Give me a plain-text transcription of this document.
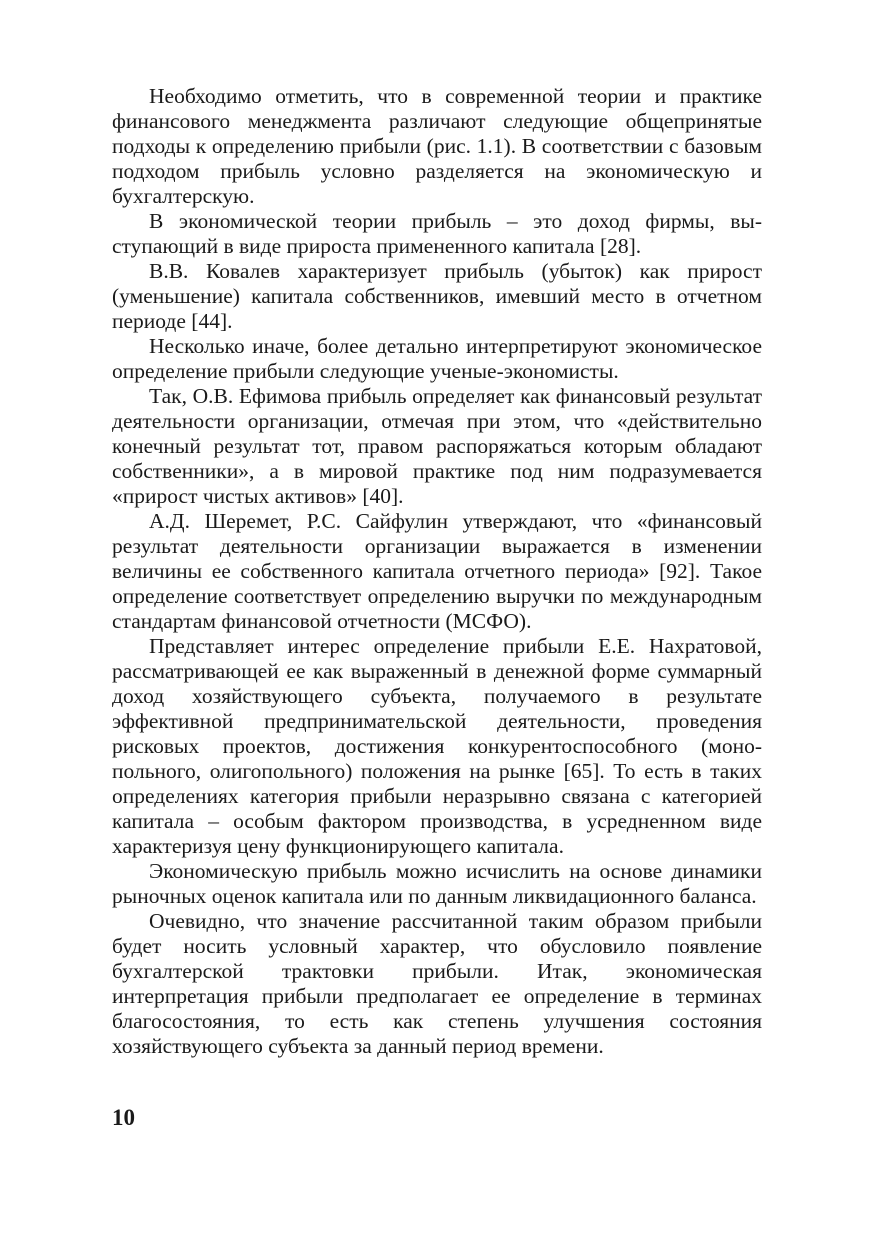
Необходимо отметить, что в современной теории и практике финансового менеджмента различают следующие общепринятые подходы к определению прибыли (рис. 1.1). В соответствии с базовым подходом прибыль условно разделяется на экономическую и бухгалтерскую.

В экономической теории прибыль – это доход фирмы, выступающий в виде прироста примененного капитала [28].

В.В. Ковалев характеризует прибыль (убыток) как прирост (уменьшение) капитала собственников, имевший место в отчетном периоде [44].

Несколько иначе, более детально интерпретируют экономическое определение прибыли следующие ученые-экономисты.

Так, О.В. Ефимова прибыль определяет как финансовый результат деятельности организации, отмечая при этом, что «действительно конечный результат тот, правом распоряжаться которым обладают собственники», а в мировой практике под ним подразумевается «прирост чистых активов» [40].

А.Д. Шеремет, Р.С. Сайфулин утверждают, что «финансовый результат деятельности организации выражается в изменении величины ее собственного капитала отчетного периода» [92]. Такое определение соответствует определению выручки по международным стандартам финансовой отчетности (МСФО).

Представляет интерес определение прибыли Е.Е. Нахратовой, рассматривающей ее как выраженный в денежной форме суммарный доход хозяйствующего субъекта, получаемого в результате эффективной предпринимательской деятельности, проведения рисковых проектов, достижения конкурентоспособного (монопольного, олигопольного) положения на рынке [65]. То есть в таких определениях категория прибыли неразрывно связана с категорией капитала – особым фактором производства, в усредненном виде характеризуя цену функционирующего капитала.

Экономическую прибыль можно исчислить на основе динамики рыночных оценок капитала или по данным ликвидационного баланса.

Очевидно, что значение рассчитанной таким образом прибыли будет носить условный характер, что обусловило появление бухгалтерской трактовки прибыли. Итак, экономическая интерпретация прибыли предполагает ее определение в терминах благосостояния, то есть как степень улучшения состояния хозяйствующего субъекта за данный период времени.

10
